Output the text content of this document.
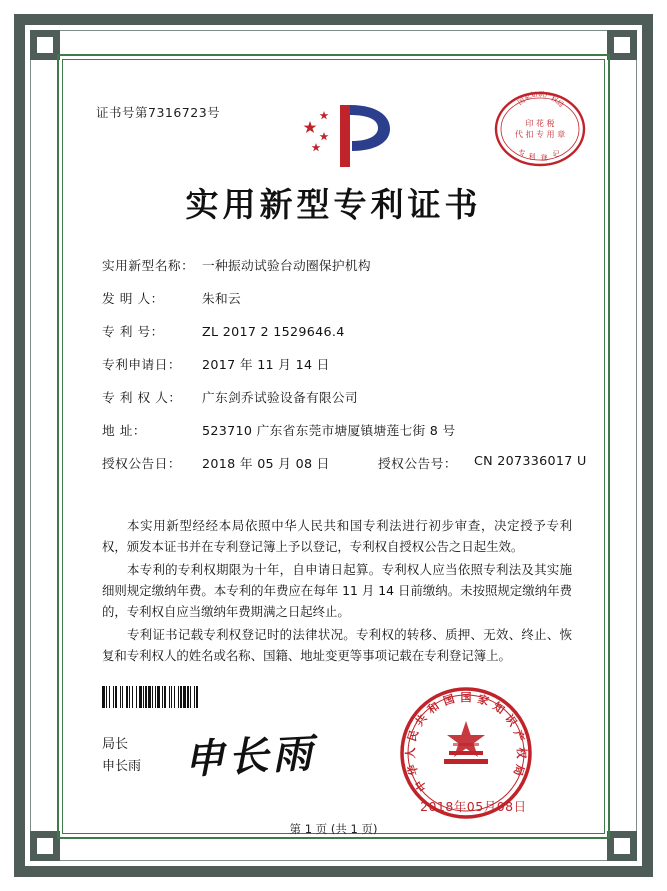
证书号第7316723号
国
家
知 识 产
权
局
印 花 税
代 扣 专 用 章
专 利 登 记
实用新型专利证书
实用新型名称： 一种振动试验台动圈保护机构
发 明 人：	朱和云
专 利 号：	ZL 2017 2 1529646.4
专利申请日： 2017 年 11 月 14 日
专 利 权 人： 广东剑乔试验设备有限公司
地 址：	523710 广东省东莞市塘厦镇塘莲七街 8 号
授权公告日： 2018 年 05 月 08 日	授权公告号： CN 207336017 U

本实用新型经经本局依照中华人民共和国专利法进行初步审查，决定授予专利权，颁发本证书并在专利登记簿上予以登记，专利权自授权公告之日起生效。

本专利的专利权期限为十年，自申请日起算。专利权人应当依照专利法及其实施细则规定缴纳年费。本专利的年费应在每年 11 月 14 日前缴纳。未按照规定缴纳年费的，专利权自应当缴纳年费期满之日起终止。

专利证书记载专利权登记时的法律状况。专利权的转移、质押、无效、终止、恢复和专利权人的姓名或名称、国籍、地址变更等事项记载在专利登记簿上。

局长
申长雨 申长雨
中
华
人
民
共
和 国 国 家 知
识
产
权
局
2018年05月08日
第 1 页 (共 1 页)
